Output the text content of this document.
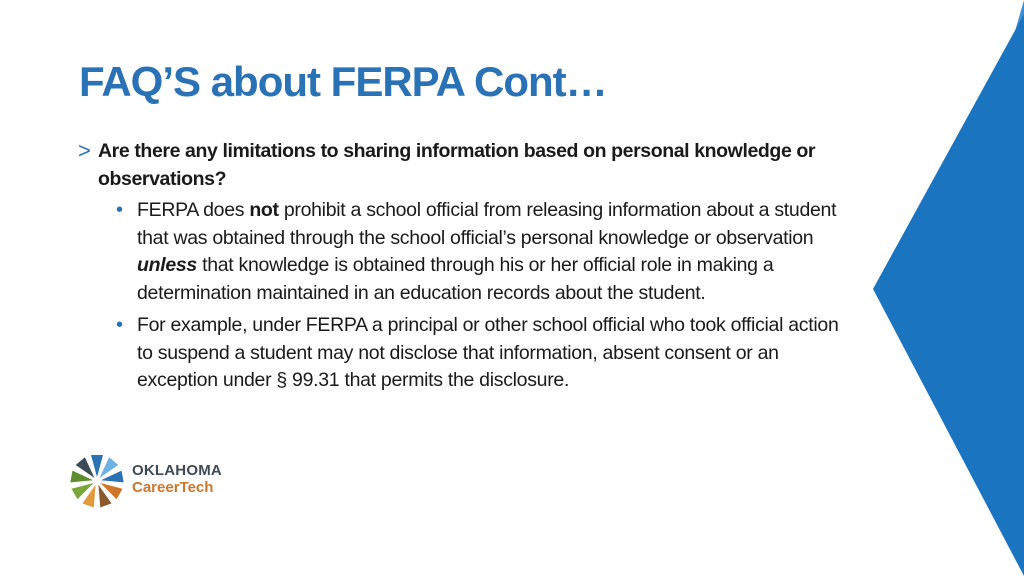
FAQ’S about FERPA Cont…
> Are there any limitations to sharing information based on personal knowledge or observations?
• FERPA does not prohibit a school official from releasing information about a student that was obtained through the school official’s personal knowledge or observation unless that knowledge is obtained through his or her official role in making a determination maintained in an education records about the student.
• For example, under FERPA a principal or other school official who took official action to suspend a student may not disclose that information, absent consent or an exception under § 99.31 that permits the disclosure.
OKLAHOMA
CareerTech
